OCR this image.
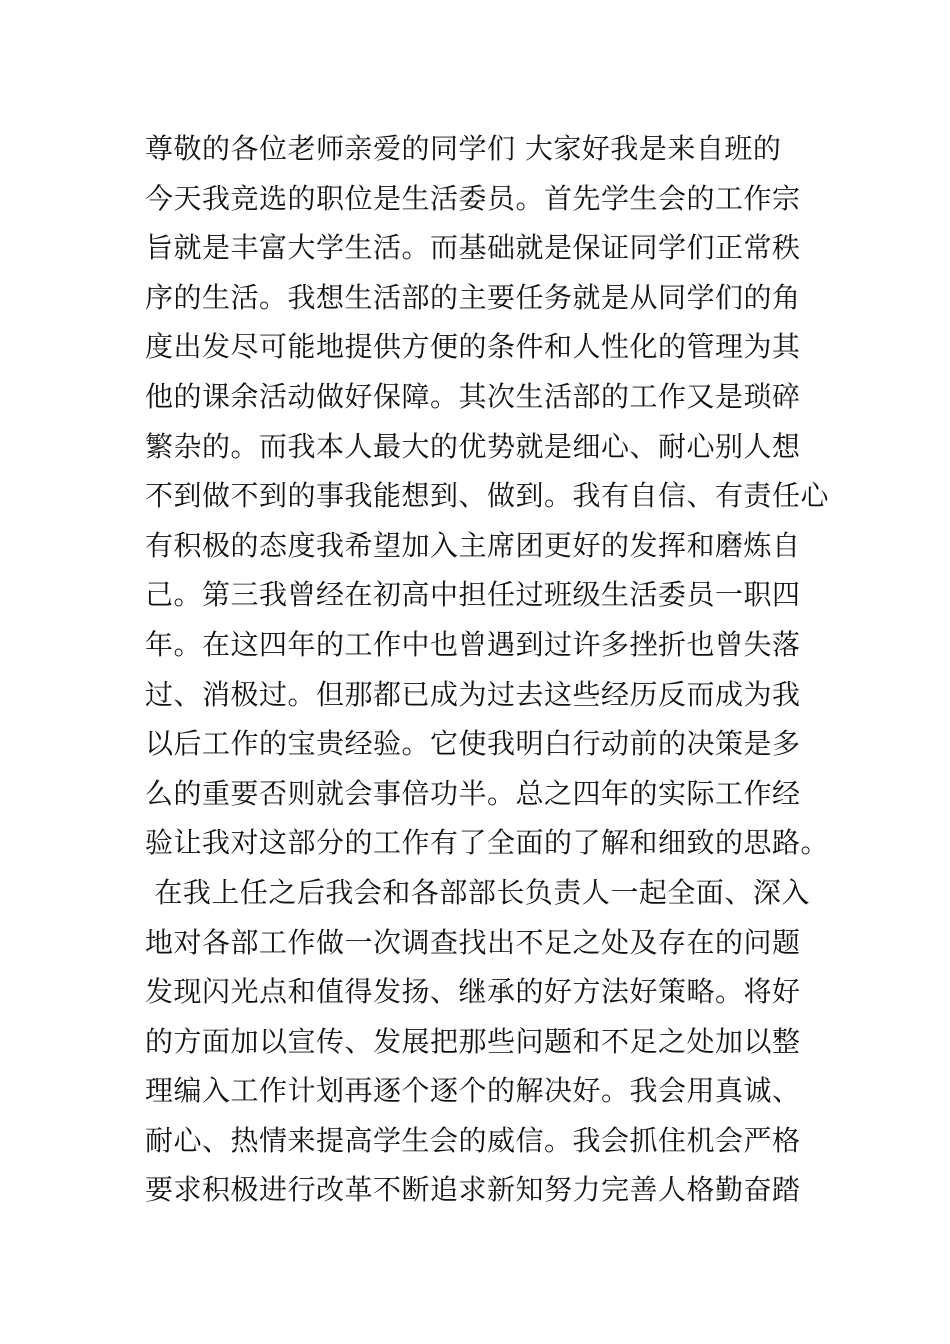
尊敬的各位老师亲爱的同学们 大家好我是来自班的
今天我竞选的职位是生活委员。首先学生会的工作宗
旨就是丰富大学生活。而基础就是保证同学们正常秩
序的生活。我想生活部的主要任务就是从同学们的角
度出发尽可能地提供方便的条件和人性化的管理为其
他的课余活动做好保障。其次生活部的工作又是琐碎
繁杂的。而我本人最大的优势就是细心、耐心别人想
不到做不到的事我能想到、做到。我有自信、有责任心
有积极的态度我希望加入主席团更好的发挥和磨炼自
己。第三我曾经在初高中担任过班级生活委员一职四
年。在这四年的工作中也曾遇到过许多挫折也曾失落
过、消极过。但那都已成为过去这些经历反而成为我
以后工作的宝贵经验。它使我明白行动前的决策是多
么的重要否则就会事倍功半。总之四年的实际工作经
验让我对这部分的工作有了全面的了解和细致的思路。
在我上任之后我会和各部部长负责人一起全面、深入
地对各部工作做一次调查找出不足之处及存在的问题
发现闪光点和值得发扬、继承的好方法好策略。将好
的方面加以宣传、发展把那些问题和不足之处加以整
理编入工作计划再逐个逐个的解决好。我会用真诚、
耐心、热情来提高学生会的威信。我会抓住机会严格
要求积极进行改革不断追求新知努力完善人格勤奋踏
